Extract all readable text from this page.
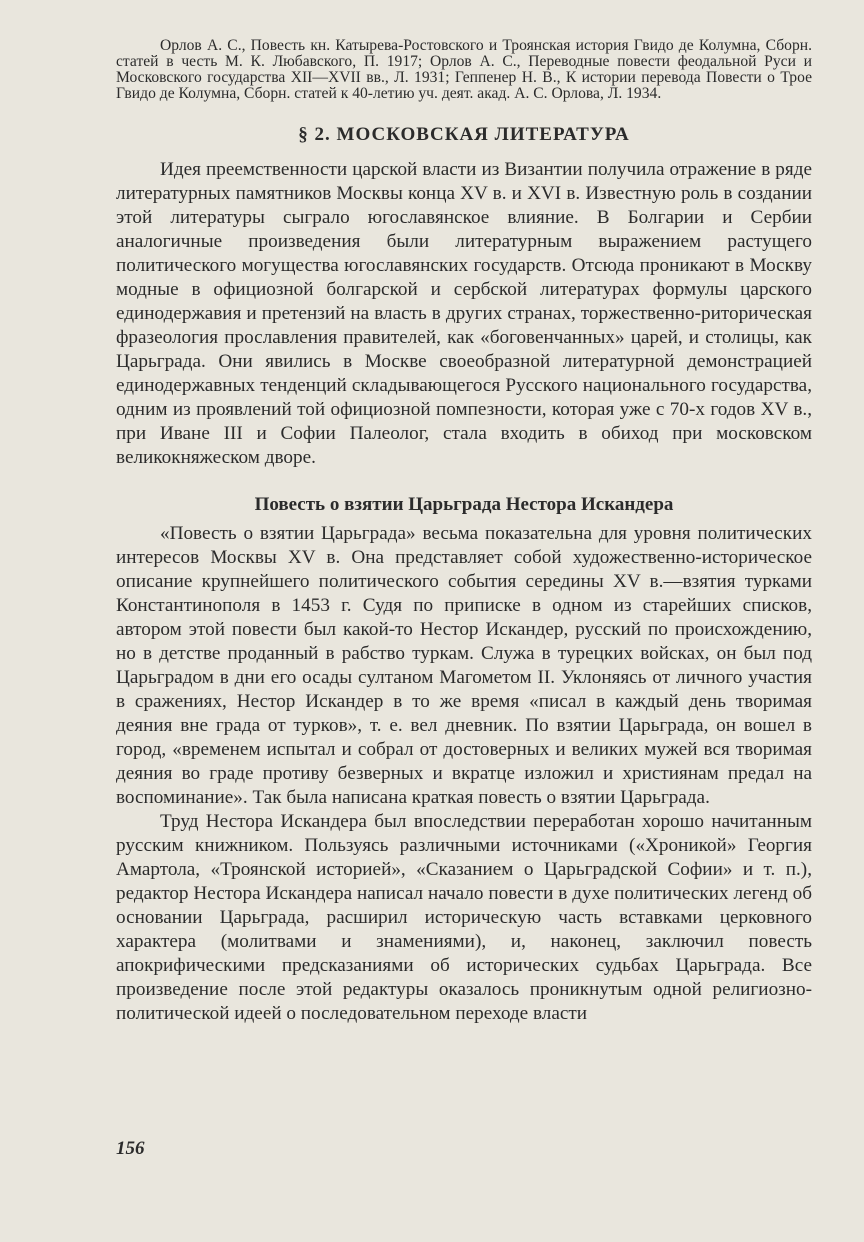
Орлов А. С., Повесть кн. Катырева-Ростовского и Троянская история Гвидо де Колумна, Сборн. статей в честь М. К. Любавского, П. 1917; Орлов А. С., Переводные повести феодальной Руси и Московского государства XII—XVII вв., Л. 1931; Геппенер Н. В., К истории перевода Повести о Трое Гвидо де Колумна, Сборн. статей к 40-летию уч. деят. акад. А. С. Орлова, Л. 1934.

§ 2. МОСКОВСКАЯ ЛИТЕРАТУРА

Идея преемственности царской власти из Византии получила отражение в ряде литературных памятников Москвы конца XV в. и XVI в. Известную роль в создании этой литературы сыграло югославянское влияние. В Болгарии и Сербии аналогичные произведения были литературным выражением растущего политического могущества югославянских государств. Отсюда проникают в Москву модные в официозной болгарской и сербской литературах формулы царского единодержавия и претензий на власть в других странах, торжественно-риторическая фразеология прославления правителей, как «боговенчанных» царей, и столицы, как Царьграда. Они явились в Москве своеобразной литературной демонстрацией единодержавных тенденций складывающегося Русского национального государства, одним из проявлений той официозной помпезности, которая уже с 70-х годов XV в., при Иване III и Софии Палеолог, стала входить в обиход при московском великокняжеском дворе.

Повесть о взятии Царьграда Нестора Искандера

«Повесть о взятии Царьграда» весьма показательна для уровня политических интересов Москвы XV в. Она представляет собой художественно-историческое описание крупнейшего политического события середины XV в.—взятия турками Константинополя в 1453 г. Судя по приписке в одном из старейших списков, автором этой повести был какой-то Нестор Искандер, русский по происхождению, но в детстве проданный в рабство туркам. Служа в турецких войсках, он был под Царьградом в дни его осады султаном Магометом II. Уклоняясь от личного участия в сражениях, Нестор Искандер в то же время «писал в каждый день творимая деяния вне града от турков», т. е. вел дневник. По взятии Царьграда, он вошел в город, «временем испытал и собрал от достоверных и великих мужей вся творимая деяния во граде противу безверных и вкратце изложил и християнам предал на воспоминание». Так была написана краткая повесть о взятии Царьграда.

Труд Нестора Искандера был впоследствии переработан хорошо начитанным русским книжником. Пользуясь различными источниками («Хроникой» Георгия Амартола, «Троянской историей», «Сказанием о Царьградской Софии» и т. п.), редактор Нестора Искандера написал начало повести в духе политических легенд об основании Царьграда, расширил историческую часть вставками церковного характера (молитвами и знамениями), и, наконец, заключил повесть апокрифическими предсказаниями об исторических судьбах Царьграда. Все произведение после этой редактуры оказалось проникнутым одной религиозно-политической идеей о последовательном переходе власти

156
